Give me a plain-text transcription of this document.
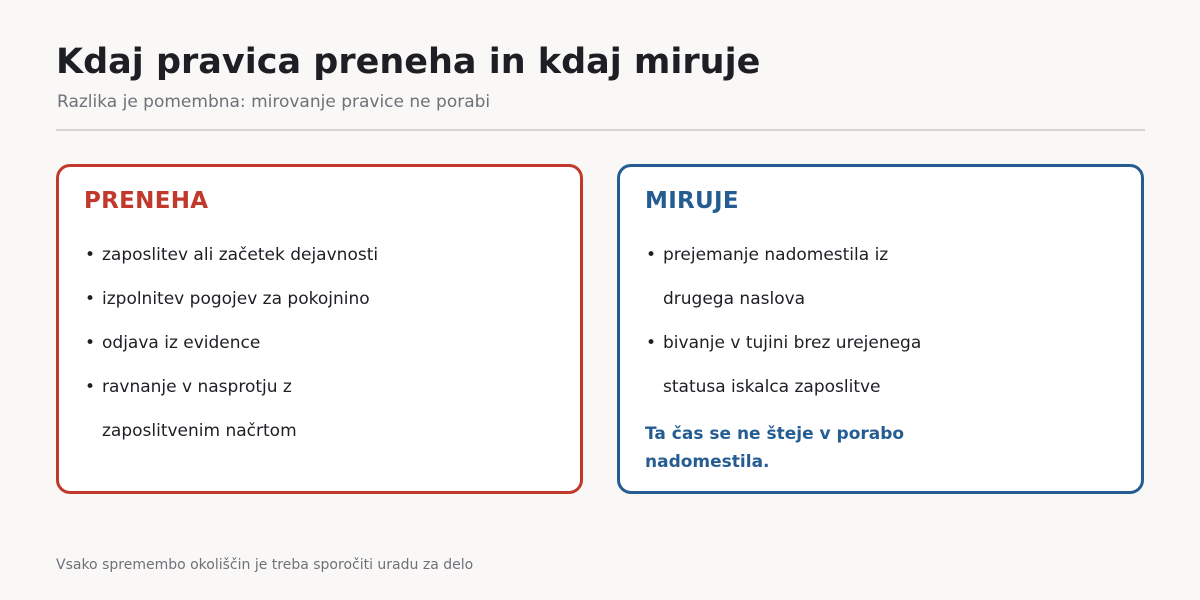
Kdaj pravica preneha in kdaj miruje

Razlika je pomembna: mirovanje pravice ne porabi

PRENEHA
• zaposlitev ali začetek dejavnosti
• izpolnitev pogojev za pokojnino
• odjava iz evidence
• ravnanje v nasprotju z
zaposlitvenim načrtom
MIRUJE
• prejemanje nadomestila iz
drugega naslova
• bivanje v tujini brez urejenega
statusa iskalca zaposlitve

Ta čas se ne šteje v porabo
nadomestila.

Vsako spremembo okoliščin je treba sporočiti uradu za delo
